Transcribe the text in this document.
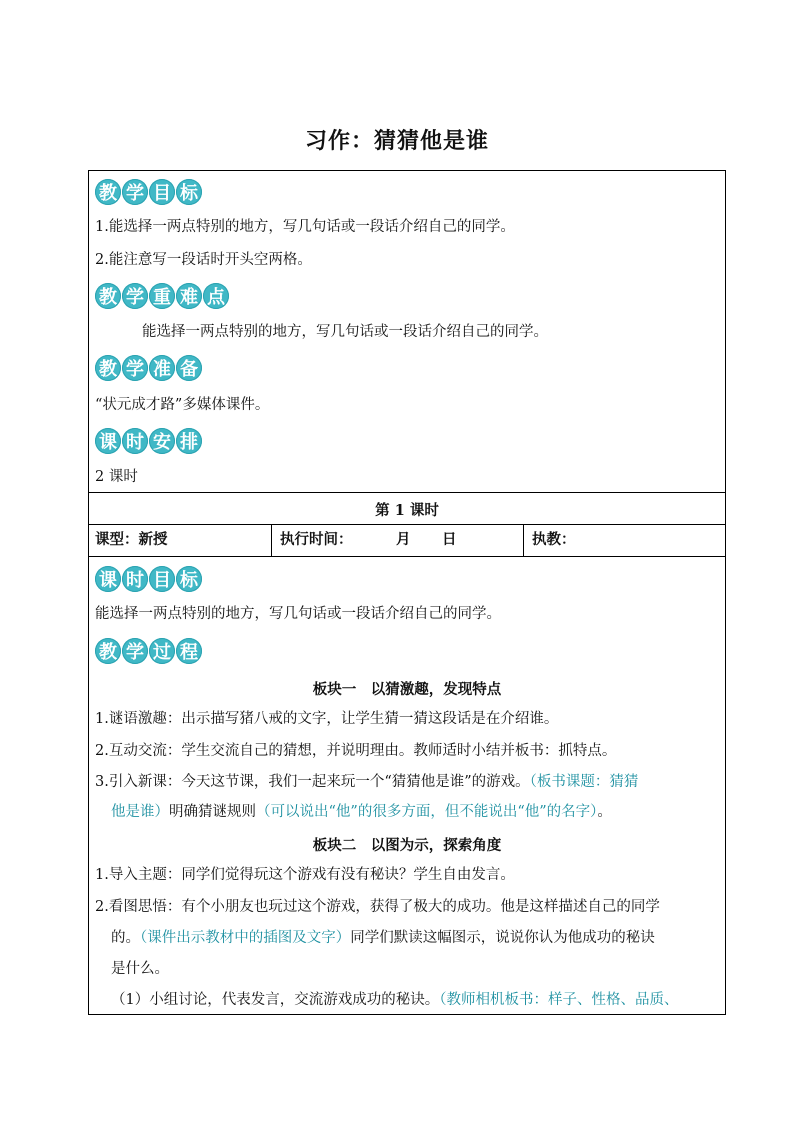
习作：猜猜他是谁
教 学 目 标
1.能选择一两点特别的地方，写几句话或一段话介绍自己的同学。
2.能注意写一段话时开头空两格。
教 学 重 难 点
能选择一两点特别的地方，写几句话或一段话介绍自己的同学。
教 学 准 备
“状元成才路”多媒体课件。
课 时 安 排
2 课时
第 1 课时
课型：新授	执行时间：	月 日	执教：
课 时 目 标
能选择一两点特别的地方，写几句话或一段话介绍自己的同学。
教 学 过 程
板块一　以猜激趣，发现特点
1.谜语激趣：出示描写猪八戒的文字，让学生猜一猜这段话是在介绍谁。
2.互动交流：学生交流自己的猜想，并说明理由。教师适时小结并板书：抓特点。
3.引入新课：今天这节课，我们一起来玩一个“猜猜他是谁”的游戏。（板书课题：猜猜
他是谁）明确猜谜规则（可以说出“他”的很多方面，但不能说出“他”的名字）。
板块二　以图为示，探索角度
1.导入主题：同学们觉得玩这个游戏有没有秘诀？学生自由发言。
2.看图思悟：有个小朋友也玩过这个游戏，获得了极大的成功。他是这样描述自己的同学
的。（课件出示教材中的插图及文字）同学们默读这幅图示，说说你认为他成功的秘诀
是什么。
（1）小组讨论，代表发言，交流游戏成功的秘诀。（教师相机板书：样子、性格、品质、
